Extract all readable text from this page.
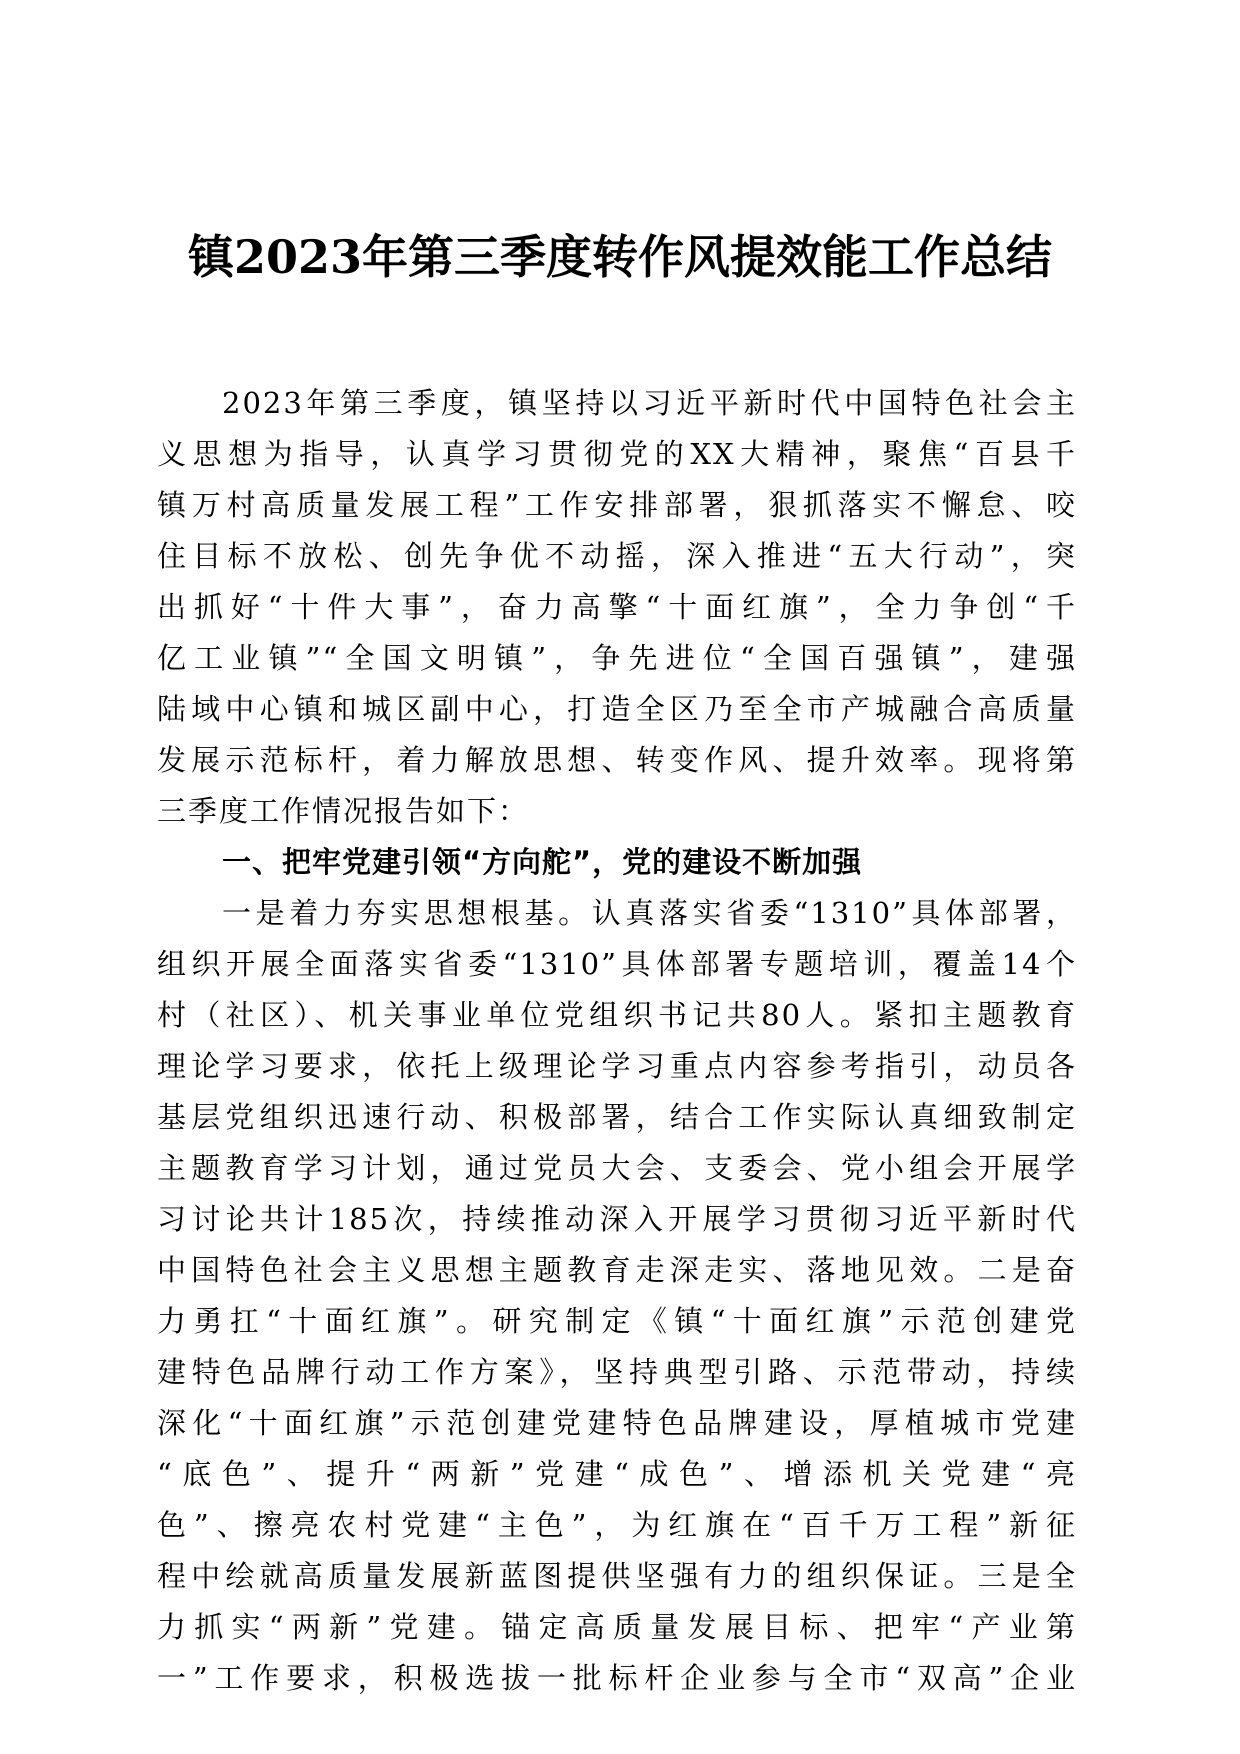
镇2023年第三季度转作风提效能工作总结
2023年第三季度，镇坚持以习近平新时代中国特色社会主
义思想为指导，认真学习贯彻党的XX大精神，聚焦“百县千
镇万村高质量发展工程”工作安排部署，狠抓落实不懈怠、咬
住目标不放松、创先争优不动摇，深入推进“五大行动”，突
出抓好“十件大事”，奋力高擎“十面红旗”，全力争创“千
亿工业镇”“全国文明镇”，争先进位“全国百强镇”，建强
陆域中心镇和城区副中心，打造全区乃至全市产城融合高质量
发展示范标杆，着力解放思想、转变作风、提升效率。现将第
三季度工作情况报告如下：
一、把牢党建引领“方向舵”，党的建设不断加强
一是着力夯实思想根基。认真落实省委“1310”具体部署，
组织开展全面落实省委“1310”具体部署专题培训，覆盖14个
村（社区）、机关事业单位党组织书记共80人。紧扣主题教育
理论学习要求，依托上级理论学习重点内容参考指引，动员各
基层党组织迅速行动、积极部署，结合工作实际认真细致制定
主题教育学习计划，通过党员大会、支委会、党小组会开展学
习讨论共计185次，持续推动深入开展学习贯彻习近平新时代
中国特色社会主义思想主题教育走深走实、落地见效。二是奋
力勇扛“十面红旗”。研究制定《镇“十面红旗”示范创建党
建特色品牌行动工作方案》，坚持典型引路、示范带动，持续
深化“十面红旗”示范创建党建特色品牌建设，厚植城市党建
“底色”、提升“两新”党建“成色”、增添机关党建“亮
色”、擦亮农村党建“主色”，为红旗在“百千万工程”新征
程中绘就高质量发展新蓝图提供坚强有力的组织保证。三是全
力抓实“两新”党建。锚定高质量发展目标、把牢“产业第
一”工作要求，积极选拔一批标杆企业参与全市“双高”企业
